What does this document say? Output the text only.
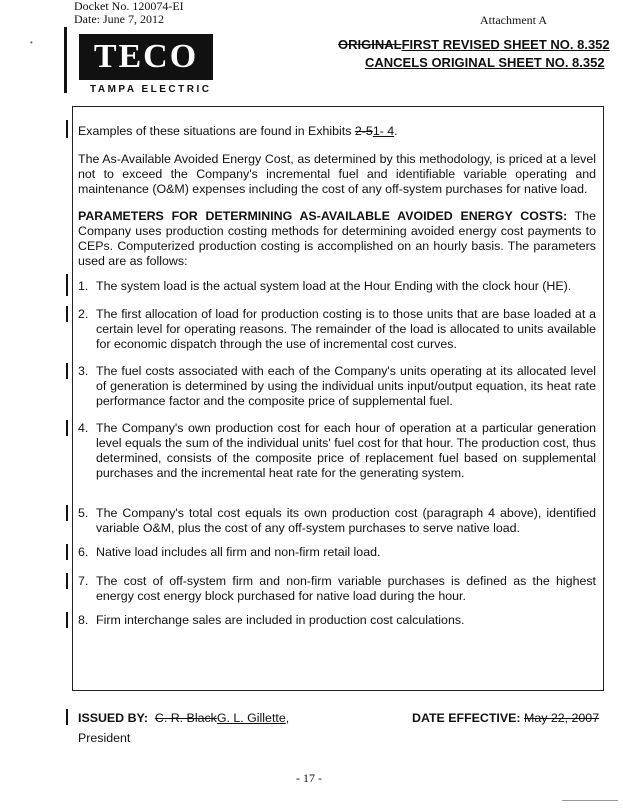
Docket No. 120074-EI
Date: June 7, 2012	Attachment A
•	TECO
TAMPA ELECTRIC
ORIGINALFIRST REVISED SHEET NO. 8.352
CANCELS ORIGINAL SHEET NO. 8.352
Examples of these situations are found in Exhibits 2-51- 4.
The As-Available Avoided Energy Cost, as determined by this methodology, is priced at a level not to exceed the Company's incremental fuel and identifiable variable operating and maintenance (O&M) expenses including the cost of any off-system purchases for native load.
PARAMETERS FOR DETERMINING AS-AVAILABLE AVOIDED ENERGY COSTS: The Company uses production costing methods for determining avoided energy cost payments to CEPs. Computerized production costing is accomplished on an hourly basis. The parameters used are as follows:
1. The system load is the actual system load at the Hour Ending with the clock hour (HE).
2. The first allocation of load for production costing is to those units that are base loaded at a certain level for operating reasons. The remainder of the load is allocated to units available for economic dispatch through the use of incremental cost curves.
3. The fuel costs associated with each of the Company's units operating at its allocated level of generation is determined by using the individual units input/output equation, its heat rate performance factor and the composite price of supplemental fuel.
4. The Company's own production cost for each hour of operation at a particular generation level equals the sum of the individual units' fuel cost for that hour. The production cost, thus determined, consists of the composite price of replacement fuel based on supplemental purchases and the incremental heat rate for the generating system.
5. The Company's total cost equals its own production cost (paragraph 4 above), identified variable O&M, plus the cost of any off-system purchases to serve native load.
6. Native load includes all firm and non-firm retail load.
7. The cost of off-system firm and non-firm variable purchases is defined as the highest energy cost energy block purchased for native load during the hour.
8. Firm interchange sales are included in production cost calculations.
ISSUED BY: C. R. BlackG. L. Gillette,
President
DATE EFFECTIVE: May 22, 2007
- 17 -
